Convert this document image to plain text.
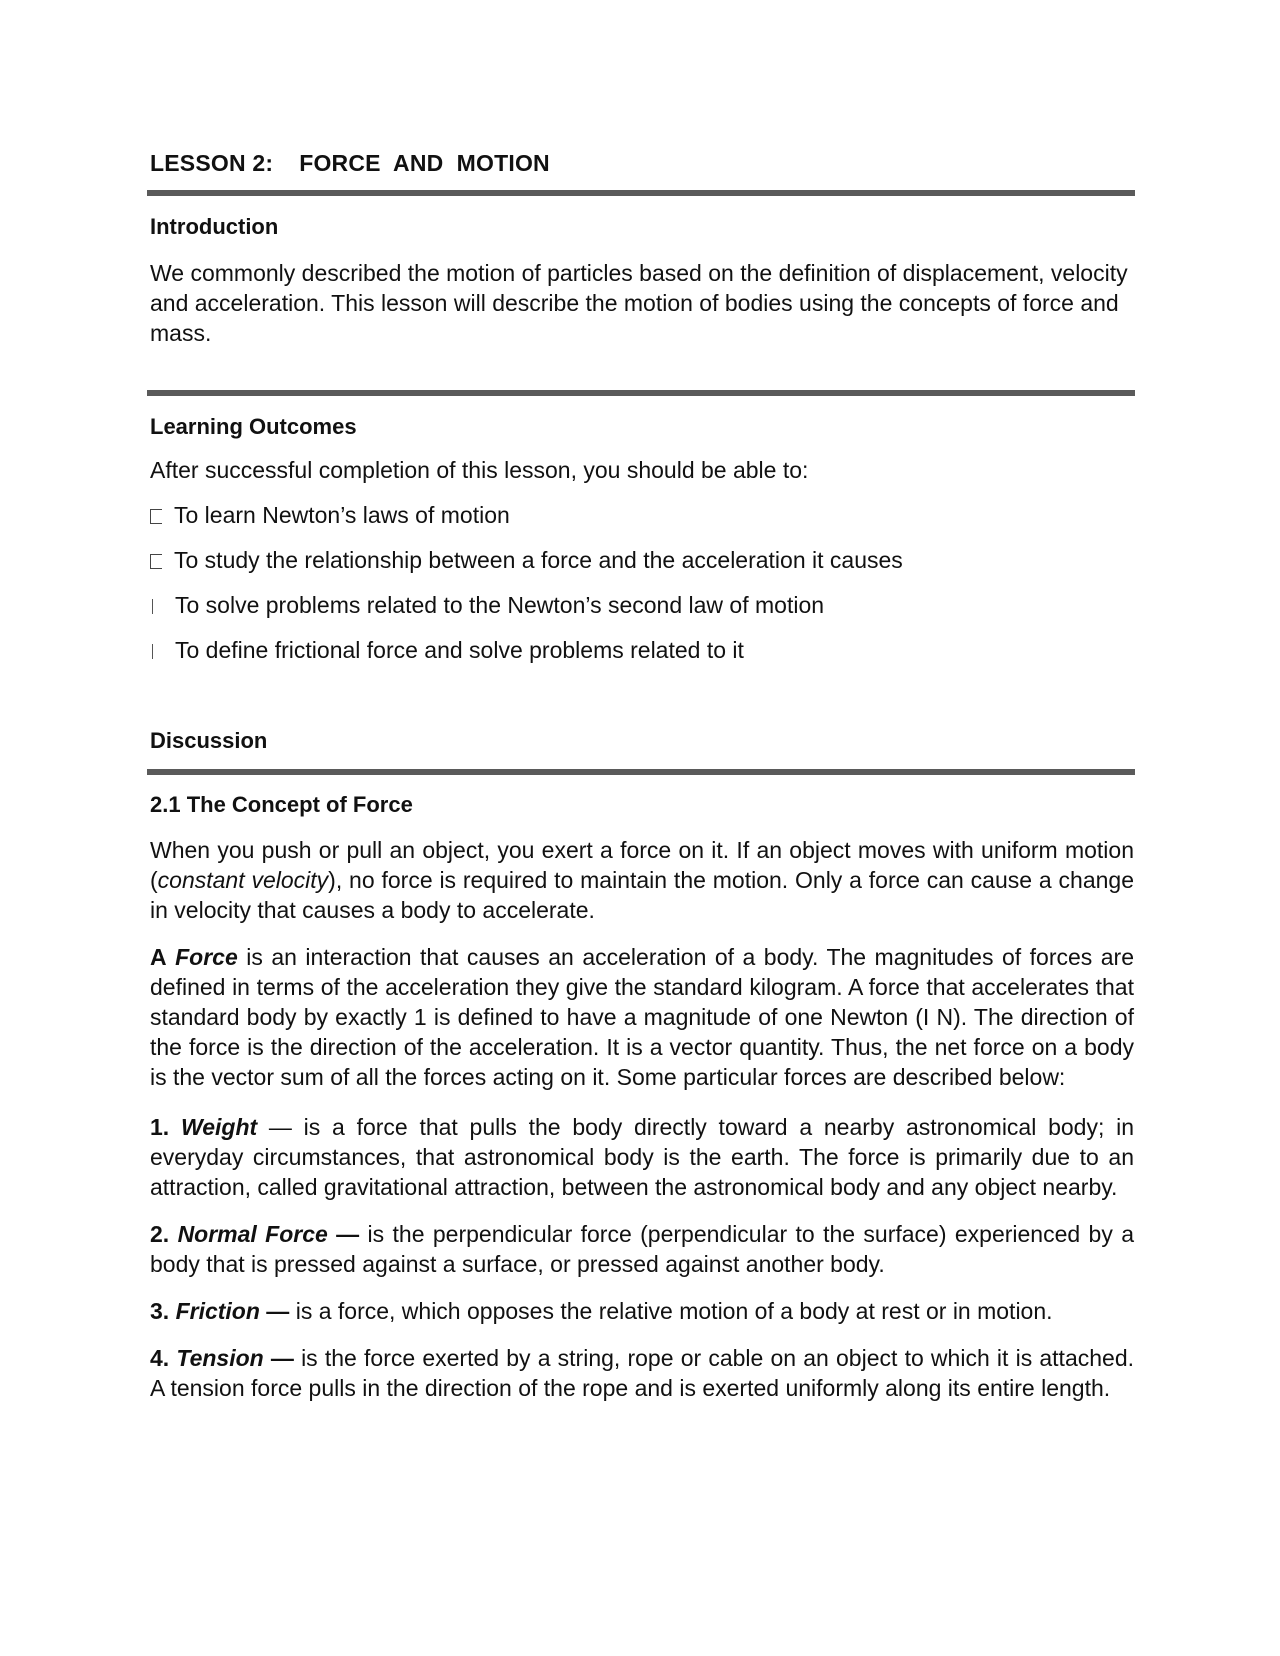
LESSON 2: FORCE  AND  MOTION
Introduction
We commonly described the motion of particles based on the definition of displacement, velocity and acceleration. This lesson will describe the motion of bodies using the concepts of force and mass.
Learning Outcomes
After successful completion of this lesson, you should be able to:
To learn Newton’s laws of motion
To study the relationship between a force and the acceleration it causes
To solve problems related to the Newton’s second law of motion
To define frictional force and solve problems related to it
Discussion
2.1 The Concept of Force
When you push or pull an object, you exert a force on it. If an object moves with uniform motion (constant velocity), no force is required to maintain the motion. Only a force can cause a change in velocity that causes a body to accelerate.
A Force is an interaction that causes an acceleration of a body. The magnitudes of forces are defined in terms of the acceleration they give the standard kilogram. A force that accelerates that standard body by exactly 1 is defined to have a magnitude of one Newton (I N). The direction of the force is the direction of the acceleration. It is a vector quantity. Thus, the net force on a body is the vector sum of all the forces acting on it. Some particular forces are described below:
1. Weight — is a force that pulls the body directly toward a nearby astronomical body; in everyday circumstances, that astronomical body is the earth. The force is primarily due to an attraction, called gravitational attraction, between the astronomical body and any object nearby.
2. Normal Force — is the perpendicular force (perpendicular to the surface) experienced by a body that is pressed against a surface, or pressed against another body.
3. Friction — is a force, which opposes the relative motion of a body at rest or in motion.
4. Tension — is the force exerted by a string, rope or cable on an object to which it is attached. A tension force pulls in the direction of the rope and is exerted uniformly along its entire length.
